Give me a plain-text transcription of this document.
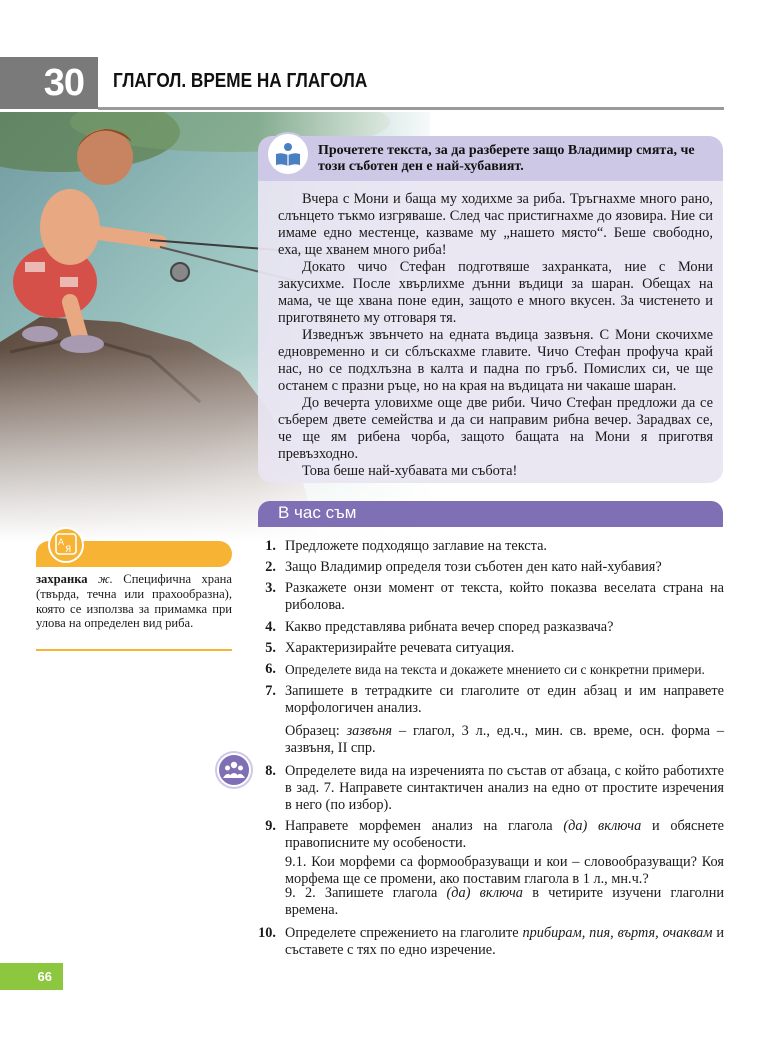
30	ГЛАГОЛ. ВРЕМЕ НА ГЛАГОЛА
Прочетете текста, за да разберете защо Владимир смята, че този съботен ден е най-хубавият.

Вчера с Мони и баща му ходихме за риба. Тръгнахме много рано, слънцето тъкмо изгряваше. След час пристигнахме до язовира. Ние си имаме едно местенце, казваме му „нашето място“. Беше свободно, еха, ще хванем много риба!

Докато чичо Стефан подготвяше захранката, ние с Мони закусихме. После хвърлихме дънни въдици за шаран. Обещах на мама, че ще хвана поне един, защото е много вкусен. За чистенето и приготвянето му отговаря тя.

Изведнъж звънчето на едната въдица зазвъня. С Мони скочихме едновременно и си сблъскахме главите. Чичо Стефан профуча край нас, но се подхлъзна в калта и падна по гръб. Помислих си, че ще останем с празни ръце, но на края на въдицата ни чакаше шаран.

До вечерта уловихме още две риби. Чичо Стефан предложи да се съберем двете семейства и да си направим рибна вечер. Зарадвах се, че ще ям рибена чорба, защото бащата на Мони я приготвя превъзходно.

Това беше най-хубавата ми събота!

В час съм
А
Я
захранка ж. Специфична храна (твърда, течна или прахообразна), която се използва за примамка при улова на определен вид риба.
1. Предложете подходящо заглавие на текста.
2. Защо Владимир определя този съботен ден като най-хубавия?
3. Разкажете онзи момент от текста, който показва веселата страна на риболова.
4. Какво представлява рибната вечер според разказвача?
5. Характеризирайте речевата ситуация.
6. Определете вида на текста и докажете мнението си с конкретни примери.
7. Запишете в тетрадките си глаголите от един абзац и им направете морфологичен анализ.
Образец: зазвъня – глагол, 3 л., ед.ч., мин. св. време, осн. форма – зазвъня, II спр.
8. Определете вида на изреченията по състав от абзаца, с който работихте в зад. 7. Направете синтактичен анализ на едно от простите изречения в него (по избор).
9. Направете морфемен анализ на глагола (да) включа и обяснете правописните му особености.
9.1. Кои морфеми са формообразуващи и кои – словообразуващи? Коя морфема ще се промени, ако поставим глагола в 1 л., мн.ч.?
9. 2. Запишете глагола (да) включа в четирите изучени глаголни времена.
10. Определете спрежението на глаголите прибирам, пия, въртя, очаквам и съставете с тях по едно изречение.
66
